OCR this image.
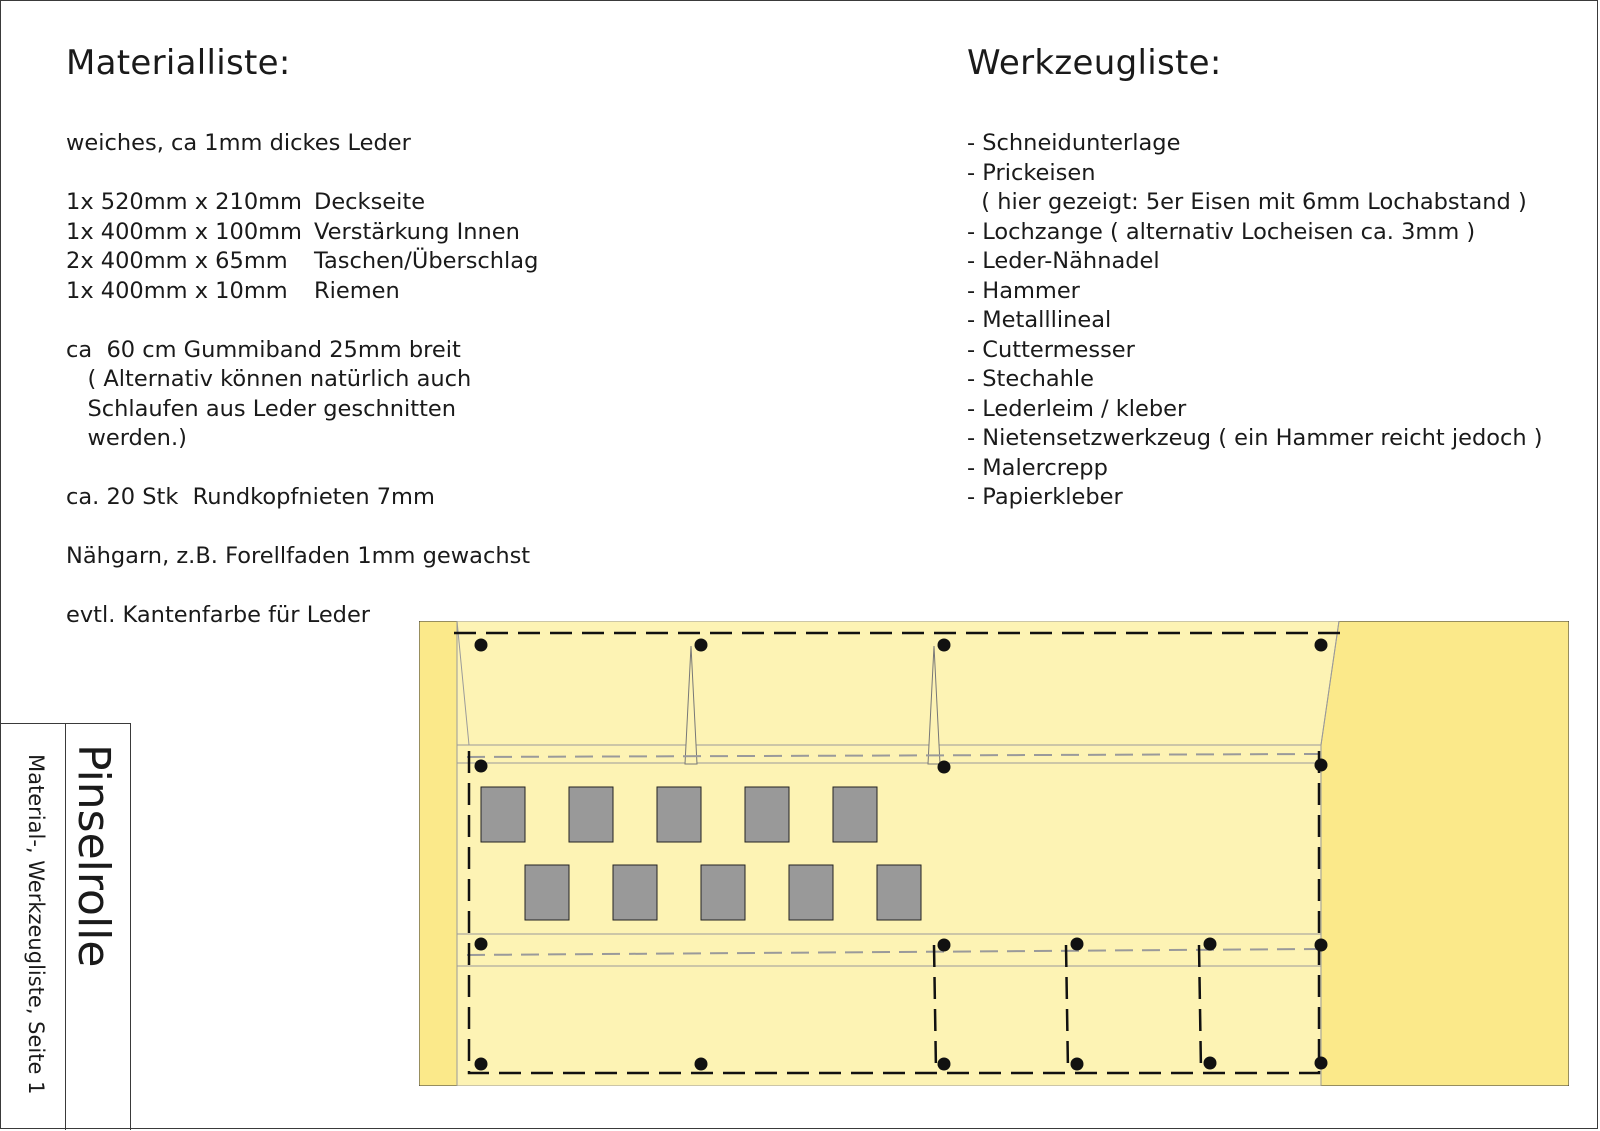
Materialliste:
weiches, ca 1mm dickes Leder
1x 520mm x 210mm Deckseite
1x 400mm x 100mm Verstärkung Innen
2x 400mm x 65mm	Taschen/Überschlag
1x 400mm x 10mm	Riemen
ca  60 cm Gummiband 25mm breit
( Alternativ können natürlich auch
Schlaufen aus Leder geschnitten
werden.)
ca. 20 Stk  Rundkopfnieten 7mm
Nähgarn, z.B. Forellfaden 1mm gewachst
evtl. Kantenfarbe für Leder
Werkzeugliste:
- Schneidunterlage
- Prickeisen
( hier gezeigt: 5er Eisen mit 6mm Lochabstand )
- Lochzange ( alternativ Locheisen ca. 3mm )
- Leder-Nähnadel
- Hammer
- Metalllineal
- Cuttermesser
- Stechahle
- Lederleim / kleber
- Nietensetzwerkzeug ( ein Hammer reicht jedoch )
- Malercrepp
- Papierkleber
Pinselrolle
Material-, Werkzeugliste, Seite 1
